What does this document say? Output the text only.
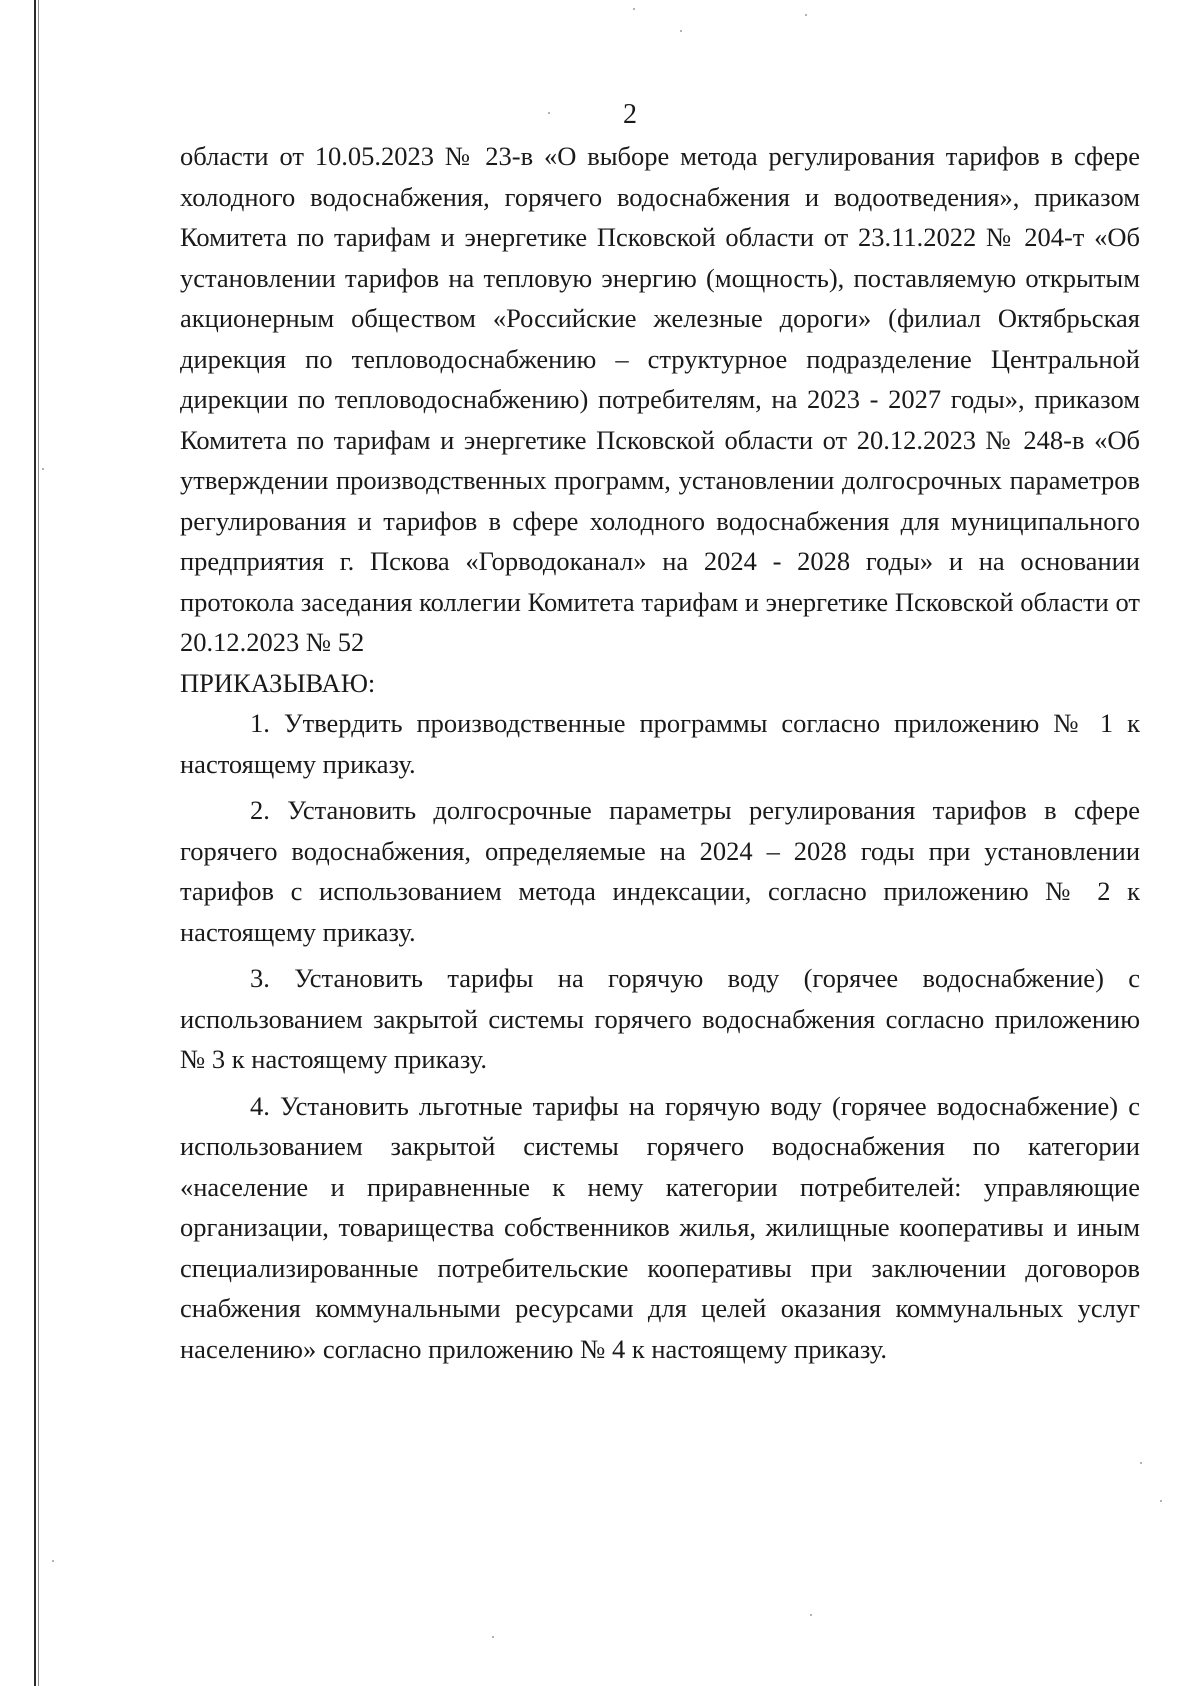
2

области от 10.05.2023 № 23-в «О выборе метода регулирования тарифов в сфере холодного водоснабжения, горячего водоснабжения и водоотведения», приказом Комитета по тарифам и энергетике Псковской области от 23.11.2022 № 204-т «Об установлении тарифов на тепловую энергию (мощность), поставляемую открытым акционерным обществом «Российские железные дороги» (филиал Октябрьская дирекция по тепловодоснабжению – структурное подразделение Центральной дирекции по тепловодоснабжению) потребителям, на 2023 - 2027 годы», приказом Комитета по тарифам и энергетике Псковской области от 20.12.2023 № 248-в «Об утверждении производственных программ, установлении долгосрочных параметров регулирования и тарифов в сфере холодного водоснабжения для муниципального предприятия г. Пскова «Горводоканал» на 2024 - 2028 годы» и на основании протокола заседания коллегии Комитета тарифам и энергетике Псковской области от 20.12.2023 № 52

ПРИКАЗЫВАЮ:

1. Утвердить производственные программы согласно приложению № 1 к настоящему приказу.

2. Установить долгосрочные параметры регулирования тарифов в сфере горячего водоснабжения, определяемые на 2024 – 2028 годы при установлении тарифов с использованием метода индексации, согласно приложению № 2 к настоящему приказу.

3. Установить тарифы на горячую воду (горячее водоснабжение) с использованием закрытой системы горячего водоснабжения согласно приложению № 3 к настоящему приказу.

4. Установить льготные тарифы на горячую воду (горячее водоснабжение) с использованием закрытой системы горячего водоснабжения по категории «население и приравненные к нему категории потребителей: управляющие организации, товарищества собственников жилья, жилищные кооперативы и иным специализированные потребительские кооперативы при заключении договоров снабжения коммунальными ресурсами для целей оказания коммунальных услуг населению» согласно приложению № 4 к настоящему приказу.
